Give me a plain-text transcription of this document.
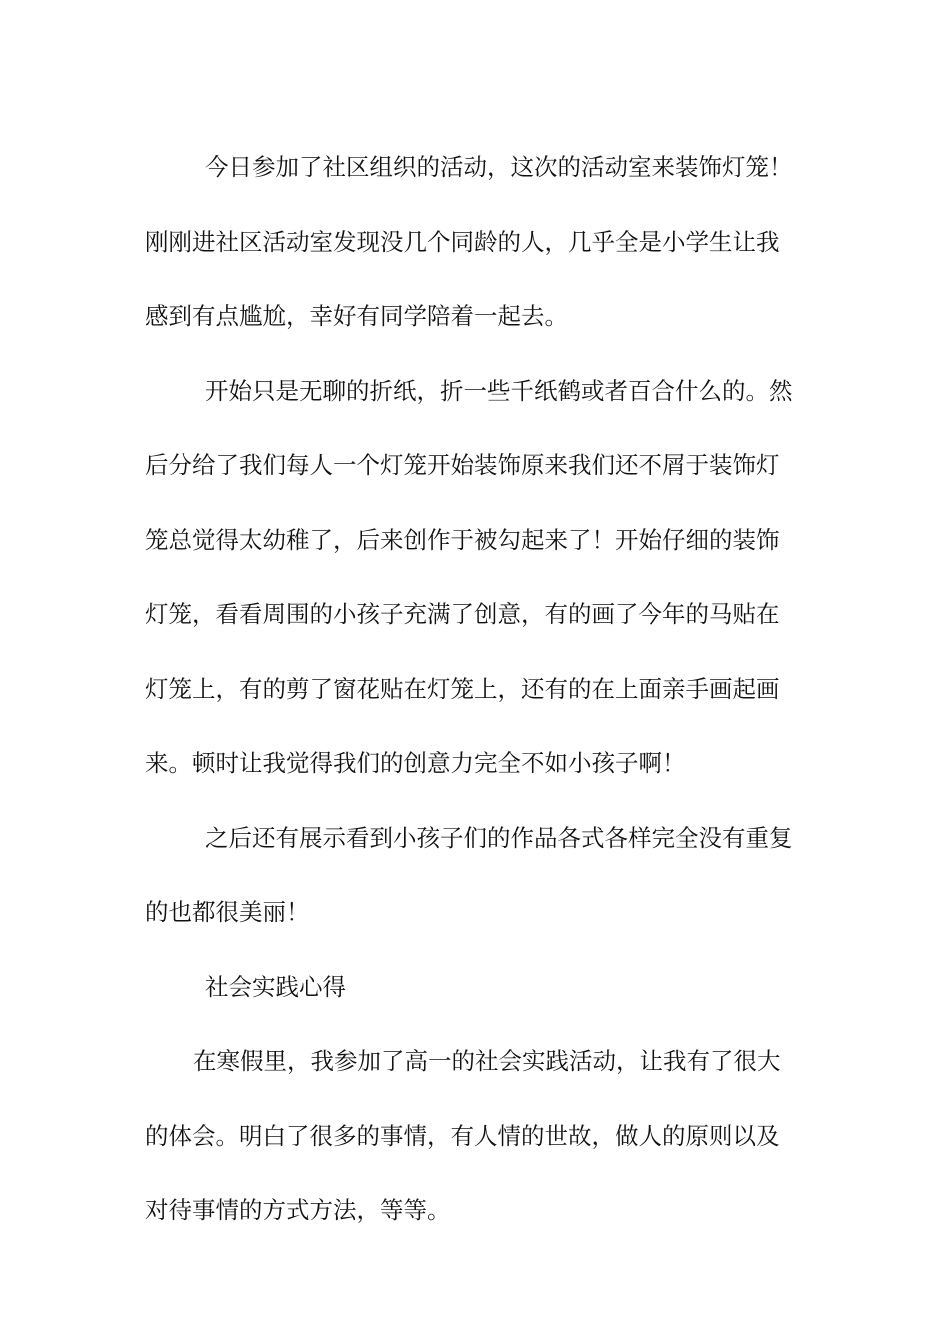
今日参加了社区组织的活动，这次的活动室来装饰灯笼！
刚刚进社区活动室发现没几个同龄的人，几乎全是小学生让我
感到有点尴尬，幸好有同学陪着一起去。
开始只是无聊的折纸，折一些千纸鹤或者百合什么的。然
后分给了我们每人一个灯笼开始装饰原来我们还不屑于装饰灯
笼总觉得太幼稚了，后来创作于被勾起来了！开始仔细的装饰
灯笼，看看周围的小孩子充满了创意，有的画了今年的马贴在
灯笼上，有的剪了窗花贴在灯笼上，还有的在上面亲手画起画
来。顿时让我觉得我们的创意力完全不如小孩子啊！
之后还有展示看到小孩子们的作品各式各样完全没有重复
的也都很美丽！
社会实践心得
在寒假里，我参加了高一的社会实践活动，让我有了很大
的体会。明白了很多的事情，有人情的世故，做人的原则以及
对待事情的方式方法，等等。
